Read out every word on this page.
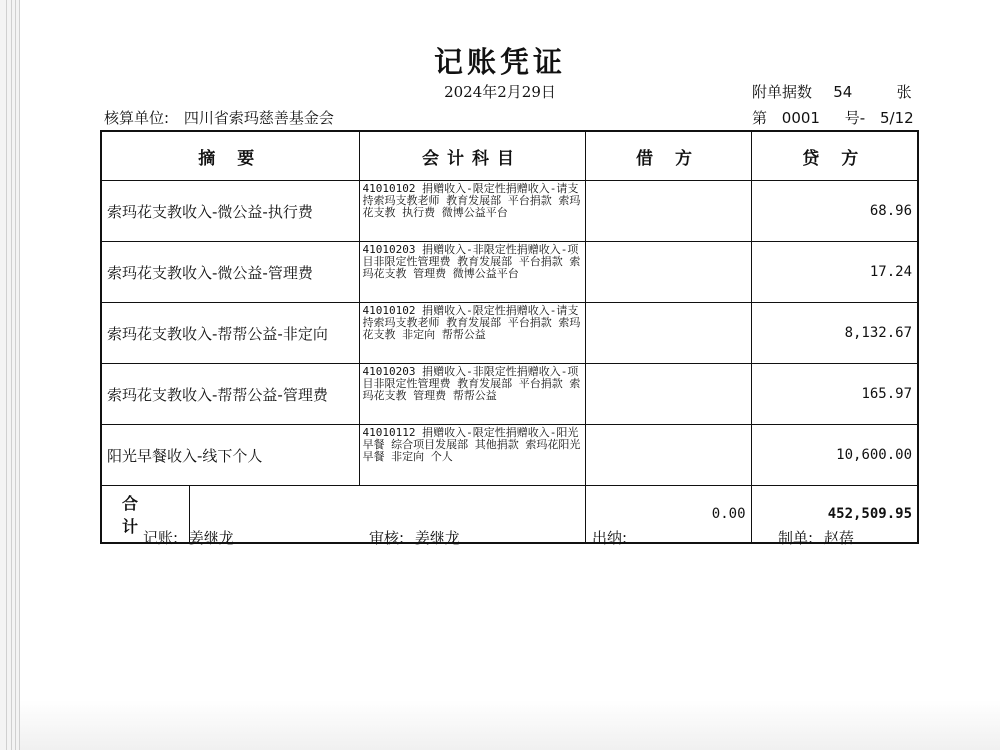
记账凭证
2024年2月29日	附单据数 54	张
核算单位: 四川省索玛慈善基金会	第 0001 号- 5/12
摘 要		会计科目	借 方	贷 方
索玛花支教收入-微公益-执行费		41010102 捐赠收入-限定性捐赠收入-请支持索玛支教老师 教育发展部 平台捐款 索玛花支教 执行费 微博公益平台		68.96
索玛花支教收入-微公益-管理费		41010203 捐赠收入-非限定性捐赠收入-项目非限定性管理费 教育发展部 平台捐款 索玛花支教 管理费 微博公益平台		17.24
索玛花支教收入-帮帮公益-非定向		41010102 捐赠收入-限定性捐赠收入-请支持索玛支教老师 教育发展部 平台捐款 索玛花支教 非定向 帮帮公益		8,132.67
索玛花支教收入-帮帮公益-管理费		41010203 捐赠收入-非限定性捐赠收入-项目非限定性管理费 教育发展部 平台捐款 索玛花支教 管理费 帮帮公益		165.97
阳光早餐收入-线下个人		41010112 捐赠收入-限定性捐赠收入-阳光早餐 综合项目发展部 其他捐款 索玛花阳光早餐 非定向 个人		10,600.00
合 计			0.00	452,509.95
记账: 姜继龙	审核: 姜继龙	出纳:	制单: 赵蓓
